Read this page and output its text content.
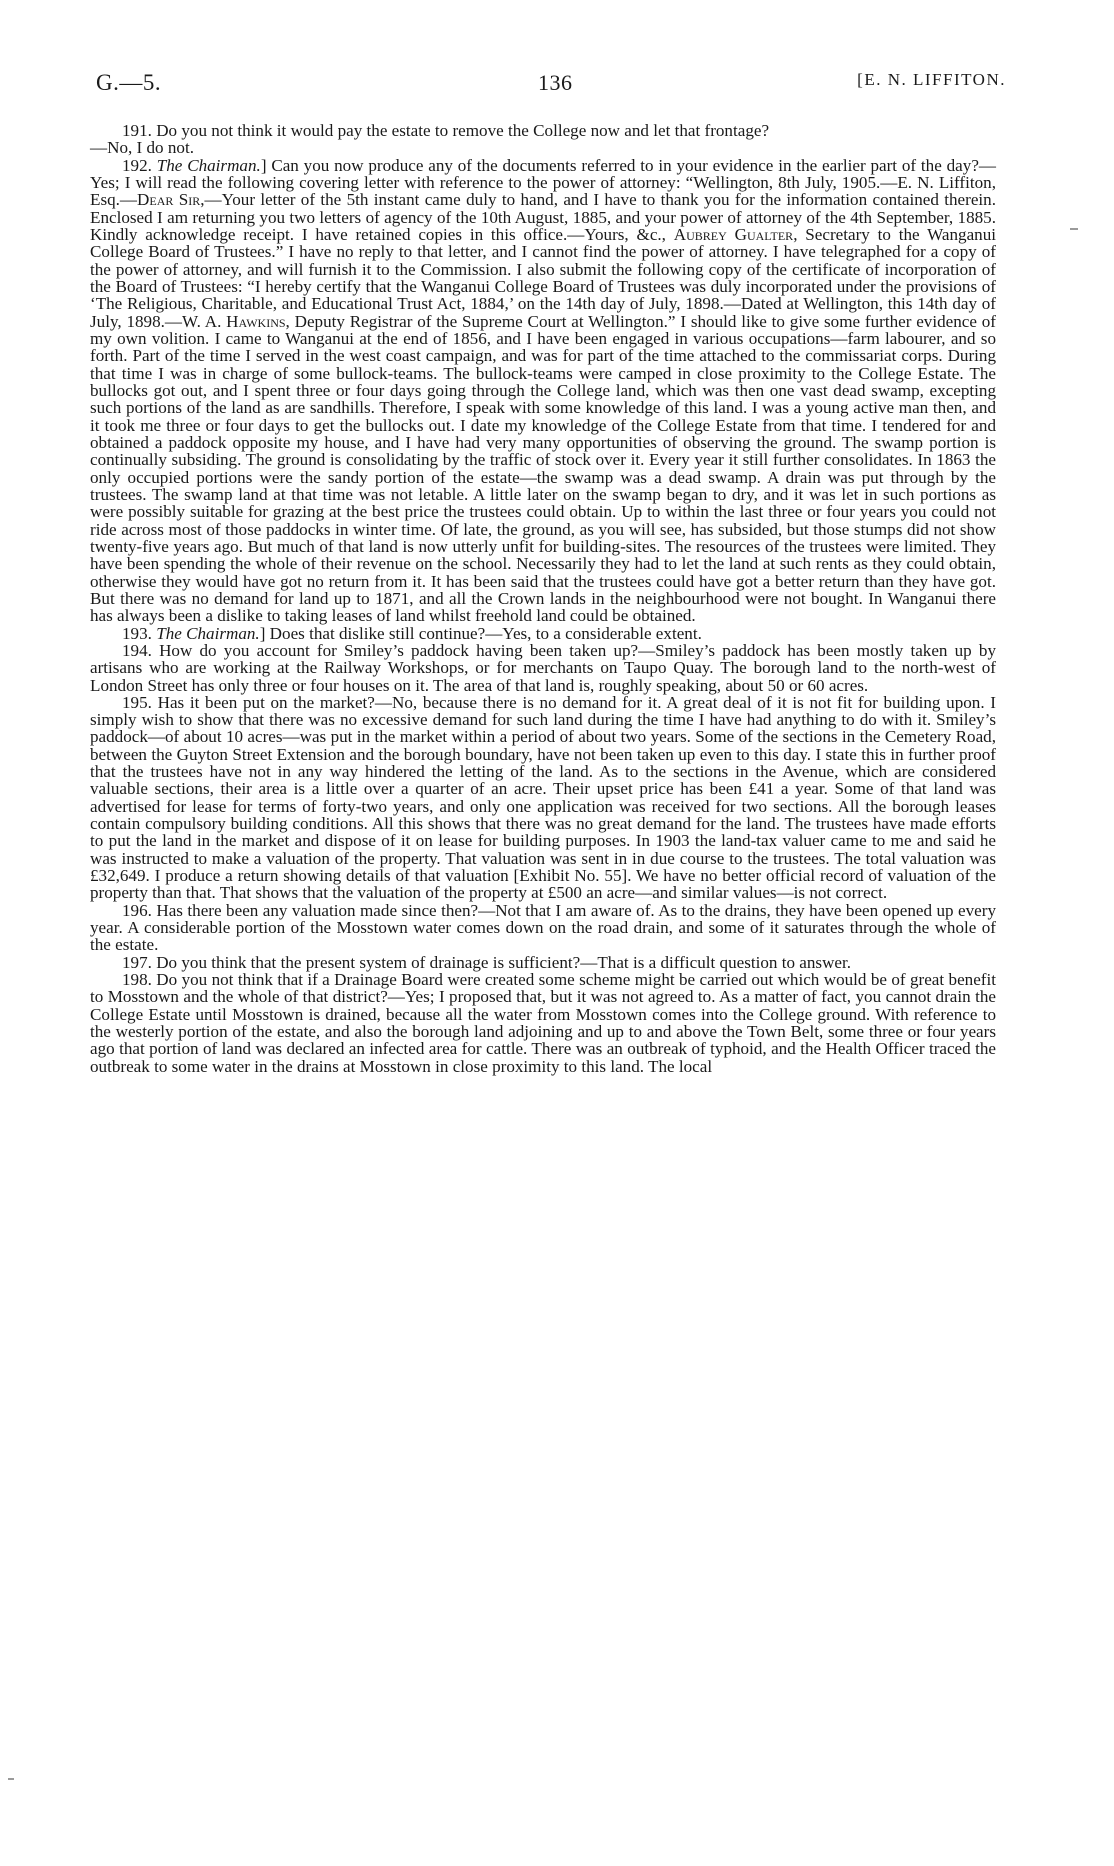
G.—5.	136	[E. N. LIFFITON.

191. Do you not think it would pay the estate to remove the College now and let that frontage?

—No, I do not.

192. The Chairman.] Can you now produce any of the documents referred to in your evidence in the earlier part of the day?—Yes; I will read the following covering letter with reference to the power of attorney: “Wellington, 8th July, 1905.—E. N. Liffiton, Esq.—Dear Sir,—Your letter of the 5th instant came duly to hand, and I have to thank you for the information contained therein. Enclosed I am returning you two letters of agency of the 10th August, 1885, and your power of attorney of the 4th September, 1885. Kindly acknowledge receipt. I have retained copies in this office.—Yours, &c., Aubrey Gualter, Secretary to the Wanganui College Board of Trustees.” I have no reply to that letter, and I cannot find the power of attorney. I have telegraphed for a copy of the power of attorney, and will furnish it to the Commission. I also submit the following copy of the certificate of incorporation of the Board of Trustees: “I hereby certify that the Wanganui College Board of Trustees was duly incorporated under the provisions of ‘The Religious, Charitable, and Educational Trust Act, 1884,’ on the 14th day of July, 1898.—Dated at Wellington, this 14th day of July, 1898.—W. A. Hawkins, Deputy Registrar of the Supreme Court at Wellington.” I should like to give some further evidence of my own volition. I came to Wanganui at the end of 1856, and I have been engaged in various occupations—farm labourer, and so forth. Part of the time I served in the west coast campaign, and was for part of the time attached to the commissariat corps. During that time I was in charge of some bullock-teams. The bullock-teams were camped in close proximity to the College Estate. The bullocks got out, and I spent three or four days going through the College land, which was then one vast dead swamp, excepting such portions of the land as are sandhills. Therefore, I speak with some knowledge of this land. I was a young active man then, and it took me three or four days to get the bullocks out. I date my knowledge of the College Estate from that time. I tendered for and obtained a paddock opposite my house, and I have had very many opportunities of observing the ground. The swamp portion is continually subsiding. The ground is consolidating by the traffic of stock over it. Every year it still further consolidates. In 1863 the only occupied portions were the sandy portion of the estate—the swamp was a dead swamp. A drain was put through by the trustees. The swamp land at that time was not letable. A little later on the swamp began to dry, and it was let in such portions as were possibly suitable for grazing at the best price the trustees could obtain. Up to within the last three or four years you could not ride across most of those paddocks in winter time. Of late, the ground, as you will see, has subsided, but those stumps did not show twenty-five years ago. But much of that land is now utterly unfit for building-sites. The resources of the trustees were limited. They have been spending the whole of their revenue on the school. Necessarily they had to let the land at such rents as they could obtain, otherwise they would have got no return from it. It has been said that the trustees could have got a better return than they have got. But there was no demand for land up to 1871, and all the Crown lands in the neighbourhood were not bought. In Wanganui there has always been a dislike to taking leases of land whilst freehold land could be obtained.

193. The Chairman.] Does that dislike still continue?—Yes, to a considerable extent.

194. How do you account for Smiley’s paddock having been taken up?—Smiley’s paddock has been mostly taken up by artisans who are working at the Railway Workshops, or for merchants on Taupo Quay. The borough land to the north-west of London Street has only three or four houses on it. The area of that land is, roughly speaking, about 50 or 60 acres.

195. Has it been put on the market?—No, because there is no demand for it. A great deal of it is not fit for building upon. I simply wish to show that there was no excessive demand for such land during the time I have had anything to do with it. Smiley’s paddock—of about 10 acres—was put in the market within a period of about two years. Some of the sections in the Cemetery Road, between the Guyton Street Extension and the borough boundary, have not been taken up even to this day. I state this in further proof that the trustees have not in any way hindered the letting of the land. As to the sections in the Avenue, which are considered valuable sections, their area is a little over a quarter of an acre. Their upset price has been £41 a year. Some of that land was advertised for lease for terms of forty-two years, and only one application was received for two sections. All the borough leases contain compulsory building conditions. All this shows that there was no great demand for the land. The trustees have made efforts to put the land in the market and dispose of it on lease for building purposes. In 1903 the land-tax valuer came to me and said he was instructed to make a valuation of the property. That valuation was sent in in due course to the trustees. The total valuation was £32,649. I produce a return showing details of that valuation [Exhibit No. 55]. We have no better official record of valuation of the property than that. That shows that the valuation of the property at £500 an acre—and similar values—is not correct.

196. Has there been any valuation made since then?—Not that I am aware of. As to the drains, they have been opened up every year. A considerable portion of the Mosstown water comes down on the road drain, and some of it saturates through the whole of the estate.

197. Do you think that the present system of drainage is sufficient?—That is a difficult question to answer.

198. Do you not think that if a Drainage Board were created some scheme might be carried out which would be of great benefit to Mosstown and the whole of that district?—Yes; I proposed that, but it was not agreed to. As a matter of fact, you cannot drain the College Estate until Mosstown is drained, because all the water from Mosstown comes into the College ground. With reference to the westerly portion of the estate, and also the borough land adjoining and up to and above the Town Belt, some three or four years ago that portion of land was declared an infected area for cattle. There was an outbreak of typhoid, and the Health Officer traced the outbreak to some water in the drains at Mosstown in close proximity to this land. The local
